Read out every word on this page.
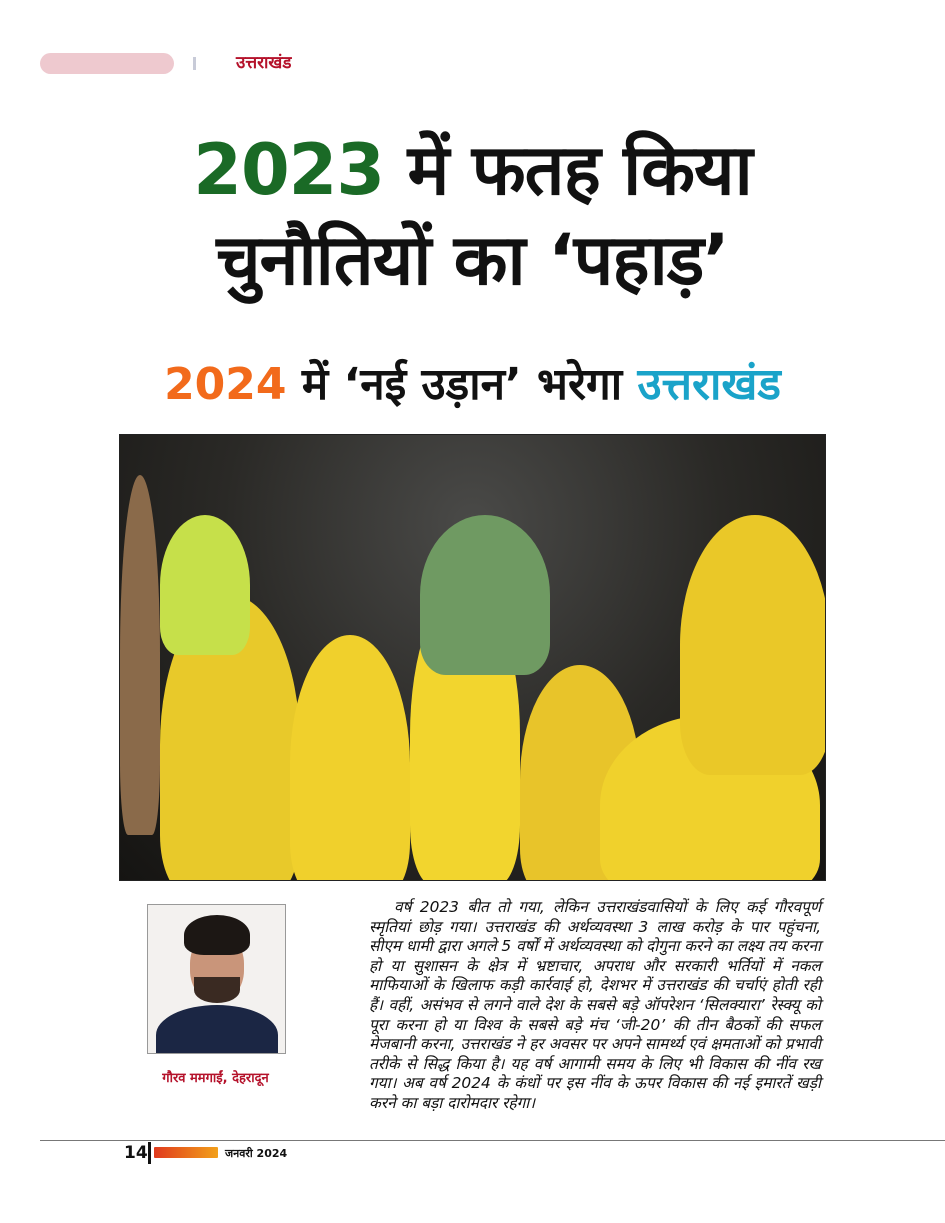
उत्तराखंड
2023 में फतह किया
चुनौतियों का ‘पहाड़’
2024 में ‘नई उड़ान’ भरेगा उत्तराखंड
गौरव ममगाईं, देहरादून
वर्ष 2023 बीत तो गया, लेकिन उत्तराखंडवासियों के लिए कई गौरवपूर्ण स्मृतियां छोड़ गया। उत्तराखंड की अर्थव्यवस्था 3 लाख करोड़ के पार पहुंचना, सीएम धामी द्वारा अगले 5 वर्षों में अर्थव्यवस्था को दोगुना करने का लक्ष्य तय करना हो या सुशासन के क्षेत्र में भ्रष्टाचार, अपराध और सरकारी भर्तियों में नकल माफियाओं के खिलाफ कड़ी कार्रवाई हो, देशभर में उत्तराखंड की चर्चाएं होती रही हैं। वहीं, असंभव से लगने वाले देश के सबसे बड़े ऑपरेशन ‘सिलक्यारा’ रेस्क्यू को पूरा करना हो या विश्व के सबसे बड़े मंच ‘जी-20’ की तीन बैठकों की सफल मेजबानी करना, उत्तराखंड ने हर अवसर पर अपने सामर्थ्य एवं क्षमताओं को प्रभावी तरीके से सिद्ध किया है। यह वर्ष आगामी समय के लिए भी विकास की नींव रख गया। अब वर्ष 2024 के कंधों पर इस नींव के ऊपर विकास की नई इमारतें खड़ी करने का बड़ा दारोमदार रहेगा।
14	जनवरी 2024
